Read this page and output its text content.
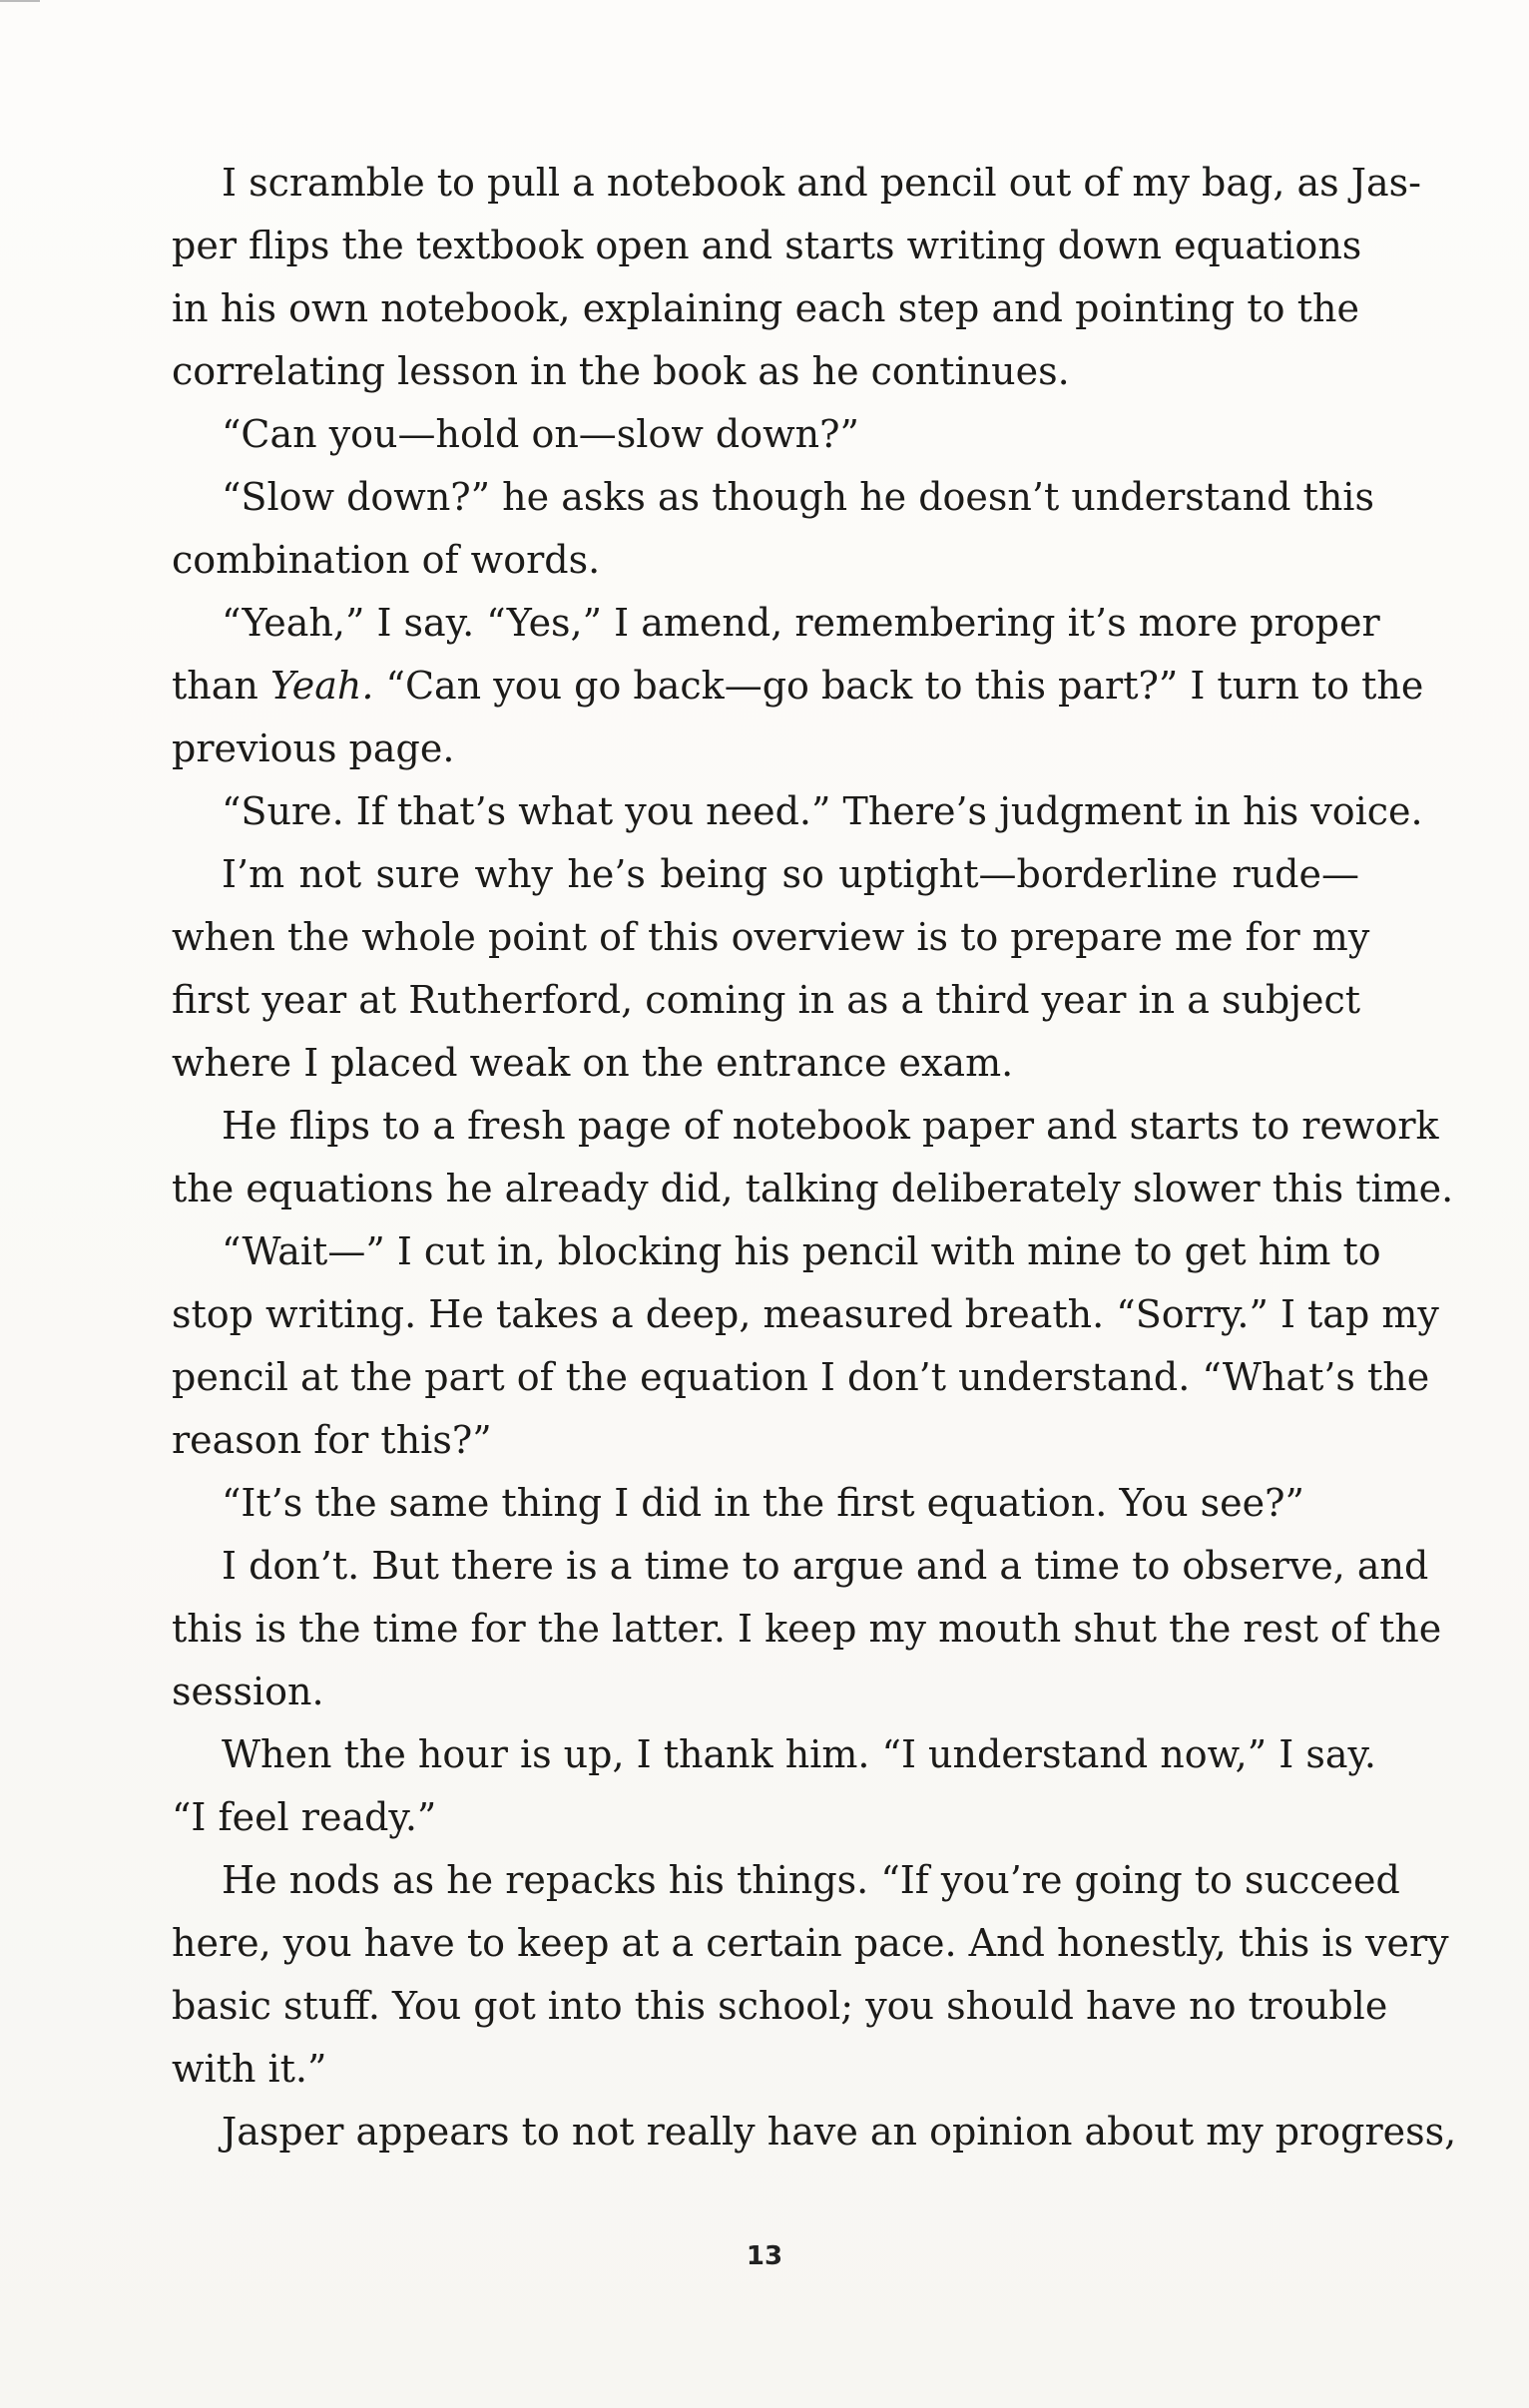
I scramble to pull a notebook and pencil out of my bag, as Jas-
per flips the textbook open and starts writing down equations
in his own notebook, explaining each step and pointing to the
correlating lesson in the book as he continues.
“Can you—hold on—slow down?”
“Slow down?” he asks as though he doesn’t understand this
combination of words.
“Yeah,” I say. “Yes,” I amend, remembering it’s more proper
than Yeah. “Can you go back—go back to this part?” I turn to the
previous page.
“Sure. If that’s what you need.” There’s judgment in his voice.
I’m not sure why he’s being so uptight—borderline rude—
when the whole point of this overview is to prepare me for my
first year at Rutherford, coming in as a third year in a subject
where I placed weak on the entrance exam.
He flips to a fresh page of notebook paper and starts to rework
the equations he already did, talking deliberately slower this time.
“Wait—” I cut in, blocking his pencil with mine to get him to
stop writing. He takes a deep, measured breath. “Sorry.” I tap my
pencil at the part of the equation I don’t understand. “What’s the
reason for this?”
“It’s the same thing I did in the first equation. You see?”
I don’t. But there is a time to argue and a time to observe, and
this is the time for the latter. I keep my mouth shut the rest of the
session.
When the hour is up, I thank him. “I understand now,” I say.
“I feel ready.”
He nods as he repacks his things. “If you’re going to succeed
here, you have to keep at a certain pace. And honestly, this is very
basic stuff. You got into this school; you should have no trouble
with it.”
Jasper appears to not really have an opinion about my progress,
13
